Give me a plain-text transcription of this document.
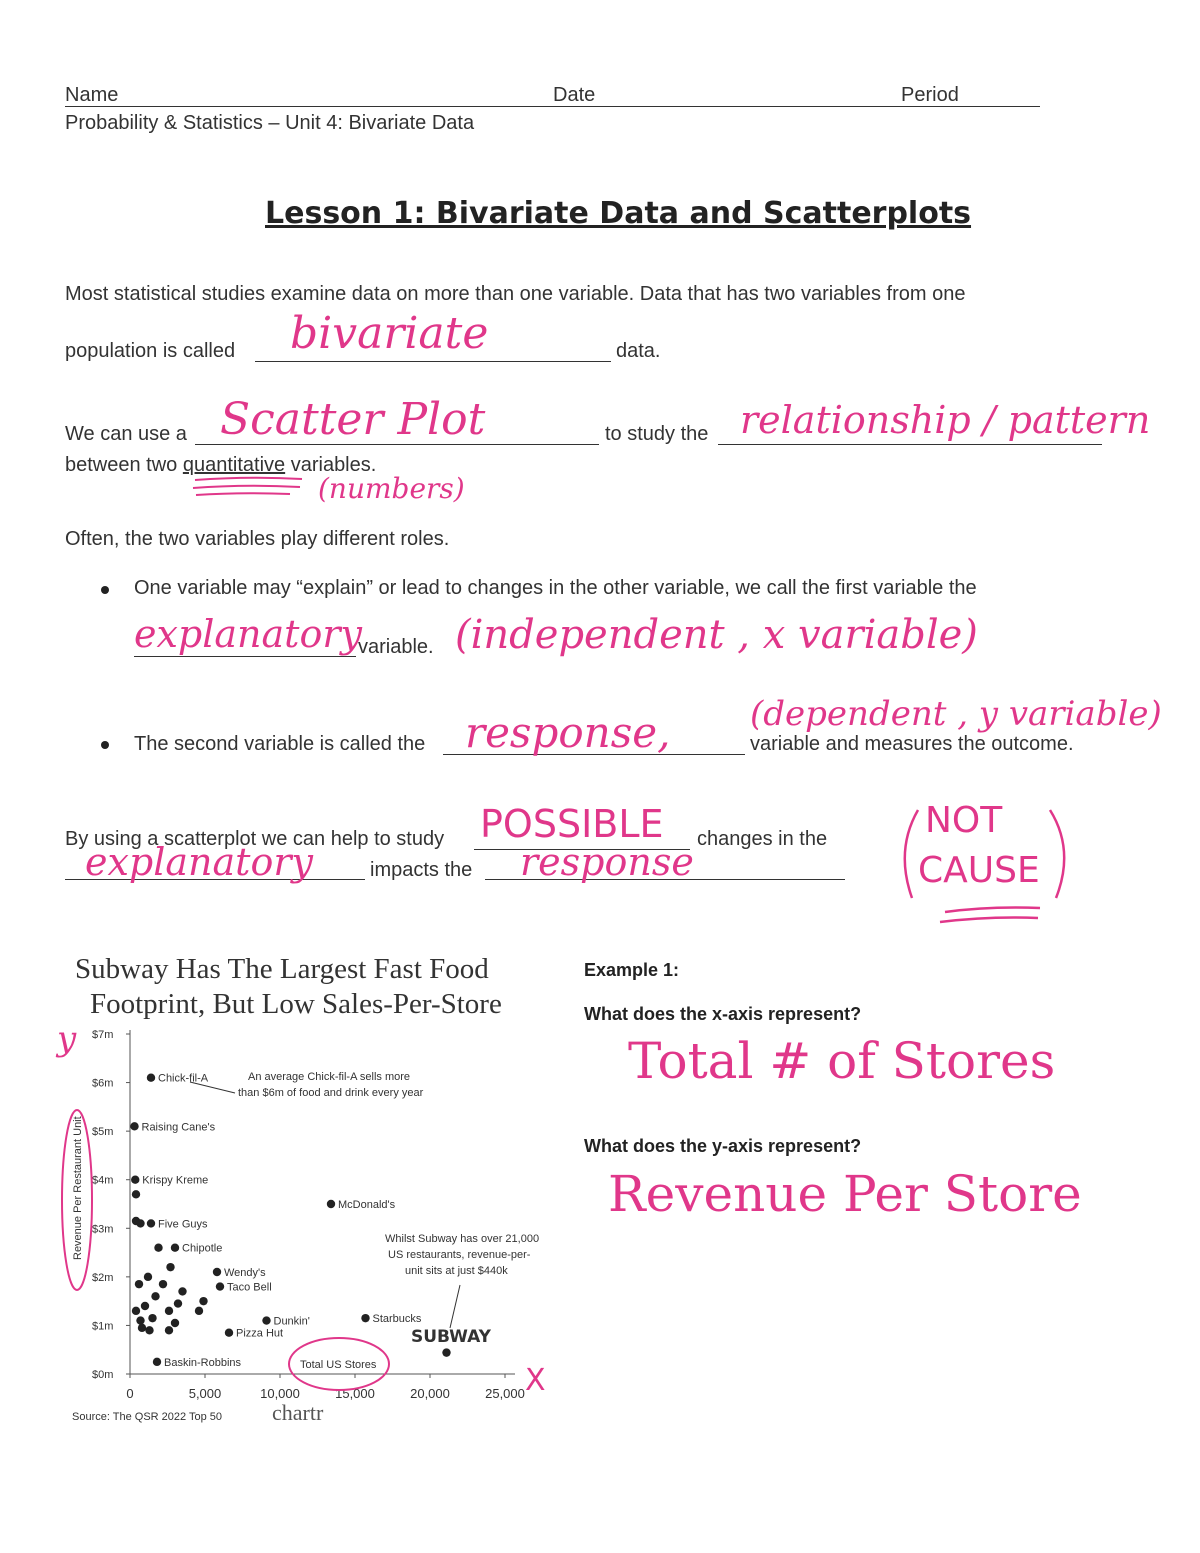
Name	Date	Period
Probability & Statistics – Unit 4: Bivariate Data
Lesson 1: Bivariate Data and Scatterplots
Most statistical studies examine data on more than one variable. Data that has two variables from one
population is called bivariate	data.
We can use a Scatter Plot	to study the relationship / pattern
between two quantitative variables.
(numbers)
Often, the two variables play different roles.
One variable may “explain” or lead to changes in the other variable, we call the first variable the
explanatory
variable. (independent , x variable)
The second variable is called the response,	variable and measures the outcome.
(dependent , y variable)
By using a scatterplot we can help to study POSSIBLE changes in the
explanatory	impacts the response
NOT
CAUSE
Example 1:
What does the x-axis represent?
Total # of Stores
What does the y-axis represent?
Revenue Per Store
Subway Has The Largest Fast Food
Footprint, But Low Sales-Per-Store
$0m
$1m
$2m
$3m
$4m
$5m
$6m
$7m
0	5,000	10,000	15,000	20,000	25,000
Revenue Per Restaurant Unit
Chick-fil-A
Raising Cane's
Krispy Kreme
McDonald's
Five Guys
Chipotle
Taco Bell
Wendy's
Dunkin'	Starbucks
Pizza Hut
Baskin-Robbins
An average Chick-fil-A sells more
than $6m of food and drink every year
Whilst Subway has over 21,000
US restaurants, revenue-per-
unit sits at just $440k
SUBWAY
Total US Stores
y
X
Source: The QSR 2022 Top 50 chartr
